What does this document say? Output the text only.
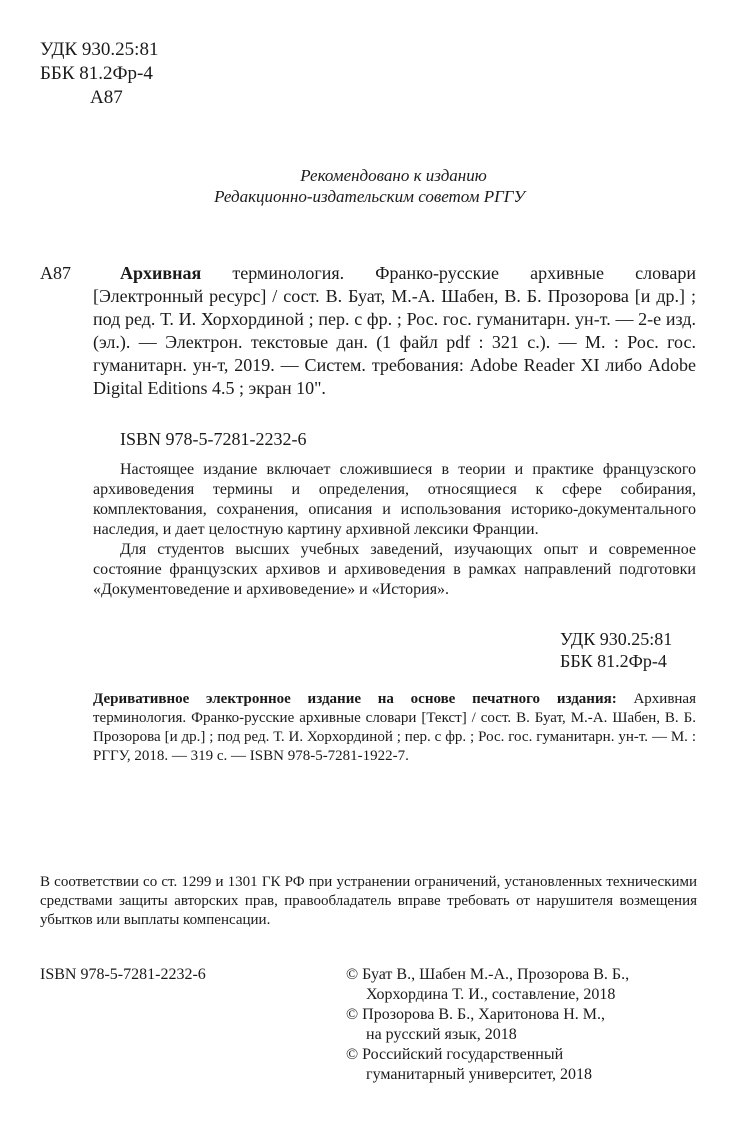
УДК 930.25:81
ББК 81.2Фр-4
А87
Рекомендовано к изданию
Редакционно-издательским советом РГГУ
А87	Архивная терминология. Франко-русские архивные словари [Электронный ресурс] / сост. В. Буат, М.-А. Шабен, В. Б. Прозорова [и др.] ; под ред. Т. И. Хорхординой ; пер. с фр. ; Рос. гос. гуманитарн. ун-т. — 2-е изд. (эл.). — Электрон. текстовые дан. (1 файл pdf : 321 с.). — М. : Рос. гос. гуманитарн. ун-т, 2019. — Систем. требования: Adobe Reader XI либо Adobe Digital Editions 4.5 ; экран 10".
ISBN 978-5-7281-2232-6

Настоящее издание включает сложившиеся в теории и практике французского архивоведения термины и определения, относящиеся к сфере собирания, комплектования, сохранения, описания и использования историко-документального наследия, и дает целостную картину архивной лексики Франции.

Для студентов высших учебных заведений, изучающих опыт и современное состояние французских архивов и архивоведения в рамках направлений подготовки «Документоведение и архивоведение» и «История».

УДК 930.25:81
ББК 81.2Фр-4
Деривативное электронное издание на основе печатного издания: Архивная терминология. Франко-русские архивные словари [Текст] / сост. В. Буат, М.-А. Шабен, В. Б. Прозорова [и др.] ; под ред. Т. И. Хорхординой ; пер. с фр. ; Рос. гос. гуманитарн. ун-т. — М. : РГГУ, 2018. — 319 с. — ISBN 978-5-7281-1922-7.
В соответствии со ст. 1299 и 1301 ГК РФ при устранении ограничений, установленных техническими средствами защиты авторских прав, правообладатель вправе требовать от нарушителя возмещения убытков или выплаты компенсации.
ISBN 978-5-7281-2232-6	© Буат В., Шабен М.-А., Прозорова В. Б.,
Хорхордина Т. И., составление, 2018
© Прозорова В. Б., Харитонова Н. М.,
на русский язык, 2018
© Российский государственный
гуманитарный университет, 2018
